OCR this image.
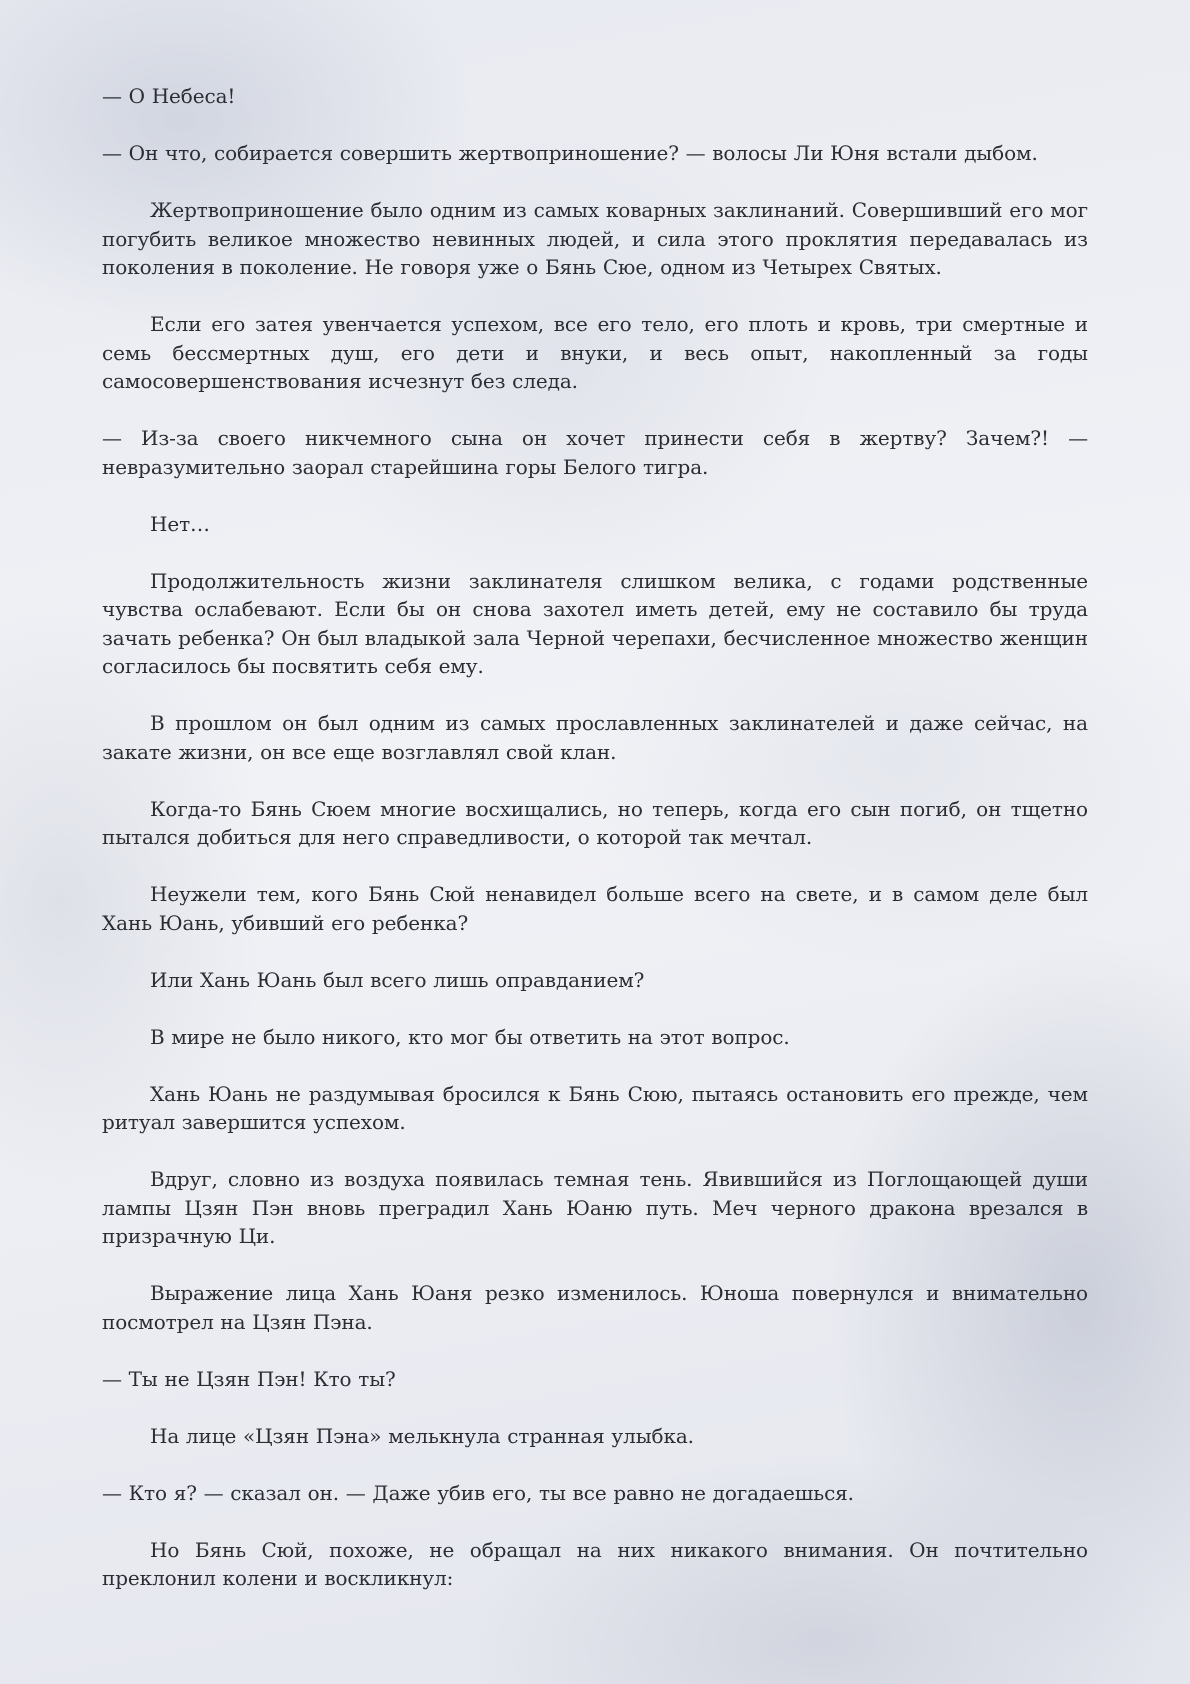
— О Небеса!

— Он что, собирается совершить жертвоприношение? — волосы Ли Юня встали дыбом.

Жертвоприношение было одним из самых коварных заклинаний. Совершивший его мог погубить великое множество невинных людей, и сила этого проклятия передавалась из поколения в поколение. Не говоря уже о Бянь Сюе, одном из Четырех Святых.

Если его затея увенчается успехом, все его тело, его плоть и кровь, три смертные и семь бессмертных душ, его дети и внуки, и весь опыт, накопленный за годы самосовершенствования исчезнут без следа.

— Из-за своего никчемного сына он хочет принести себя в жертву? Зачем?! — невразумительно заорал старейшина горы Белого тигра.

Нет…

Продолжительность жизни заклинателя слишком велика, с годами родственные чувства ослабевают. Если бы он снова захотел иметь детей, ему не составило бы труда зачать ребенка? Он был владыкой зала Черной черепахи, бесчисленное множество женщин согласилось бы посвятить себя ему.

В прошлом он был одним из самых прославленных заклинателей и даже сейчас, на закате жизни, он все еще возглавлял свой клан.

Когда-то Бянь Сюем многие восхищались, но теперь, когда его сын погиб, он тщетно пытался добиться для него справедливости, о которой так мечтал.

Неужели тем, кого Бянь Сюй ненавидел больше всего на свете, и в самом деле был Хань Юань, убивший его ребенка?

Или Хань Юань был всего лишь оправданием?

В мире не было никого, кто мог бы ответить на этот вопрос.

Хань Юань не раздумывая бросился к Бянь Сюю, пытаясь остановить его прежде, чем ритуал завершится успехом.

Вдруг, словно из воздуха появилась темная тень. Явившийся из Поглощающей души лампы Цзян Пэн вновь преградил Хань Юаню путь. Меч черного дракона врезался в призрачную Ци.

Выражение лица Хань Юаня резко изменилось. Юноша повернулся и внимательно посмотрел на Цзян Пэна.

— Ты не Цзян Пэн! Кто ты?

На лице «Цзян Пэна» мелькнула странная улыбка.

— Кто я? — сказал он. — Даже убив его, ты все равно не догадаешься.

Но Бянь Сюй, похоже, не обращал на них никакого внимания. Он почтительно преклонил колени и воскликнул:
